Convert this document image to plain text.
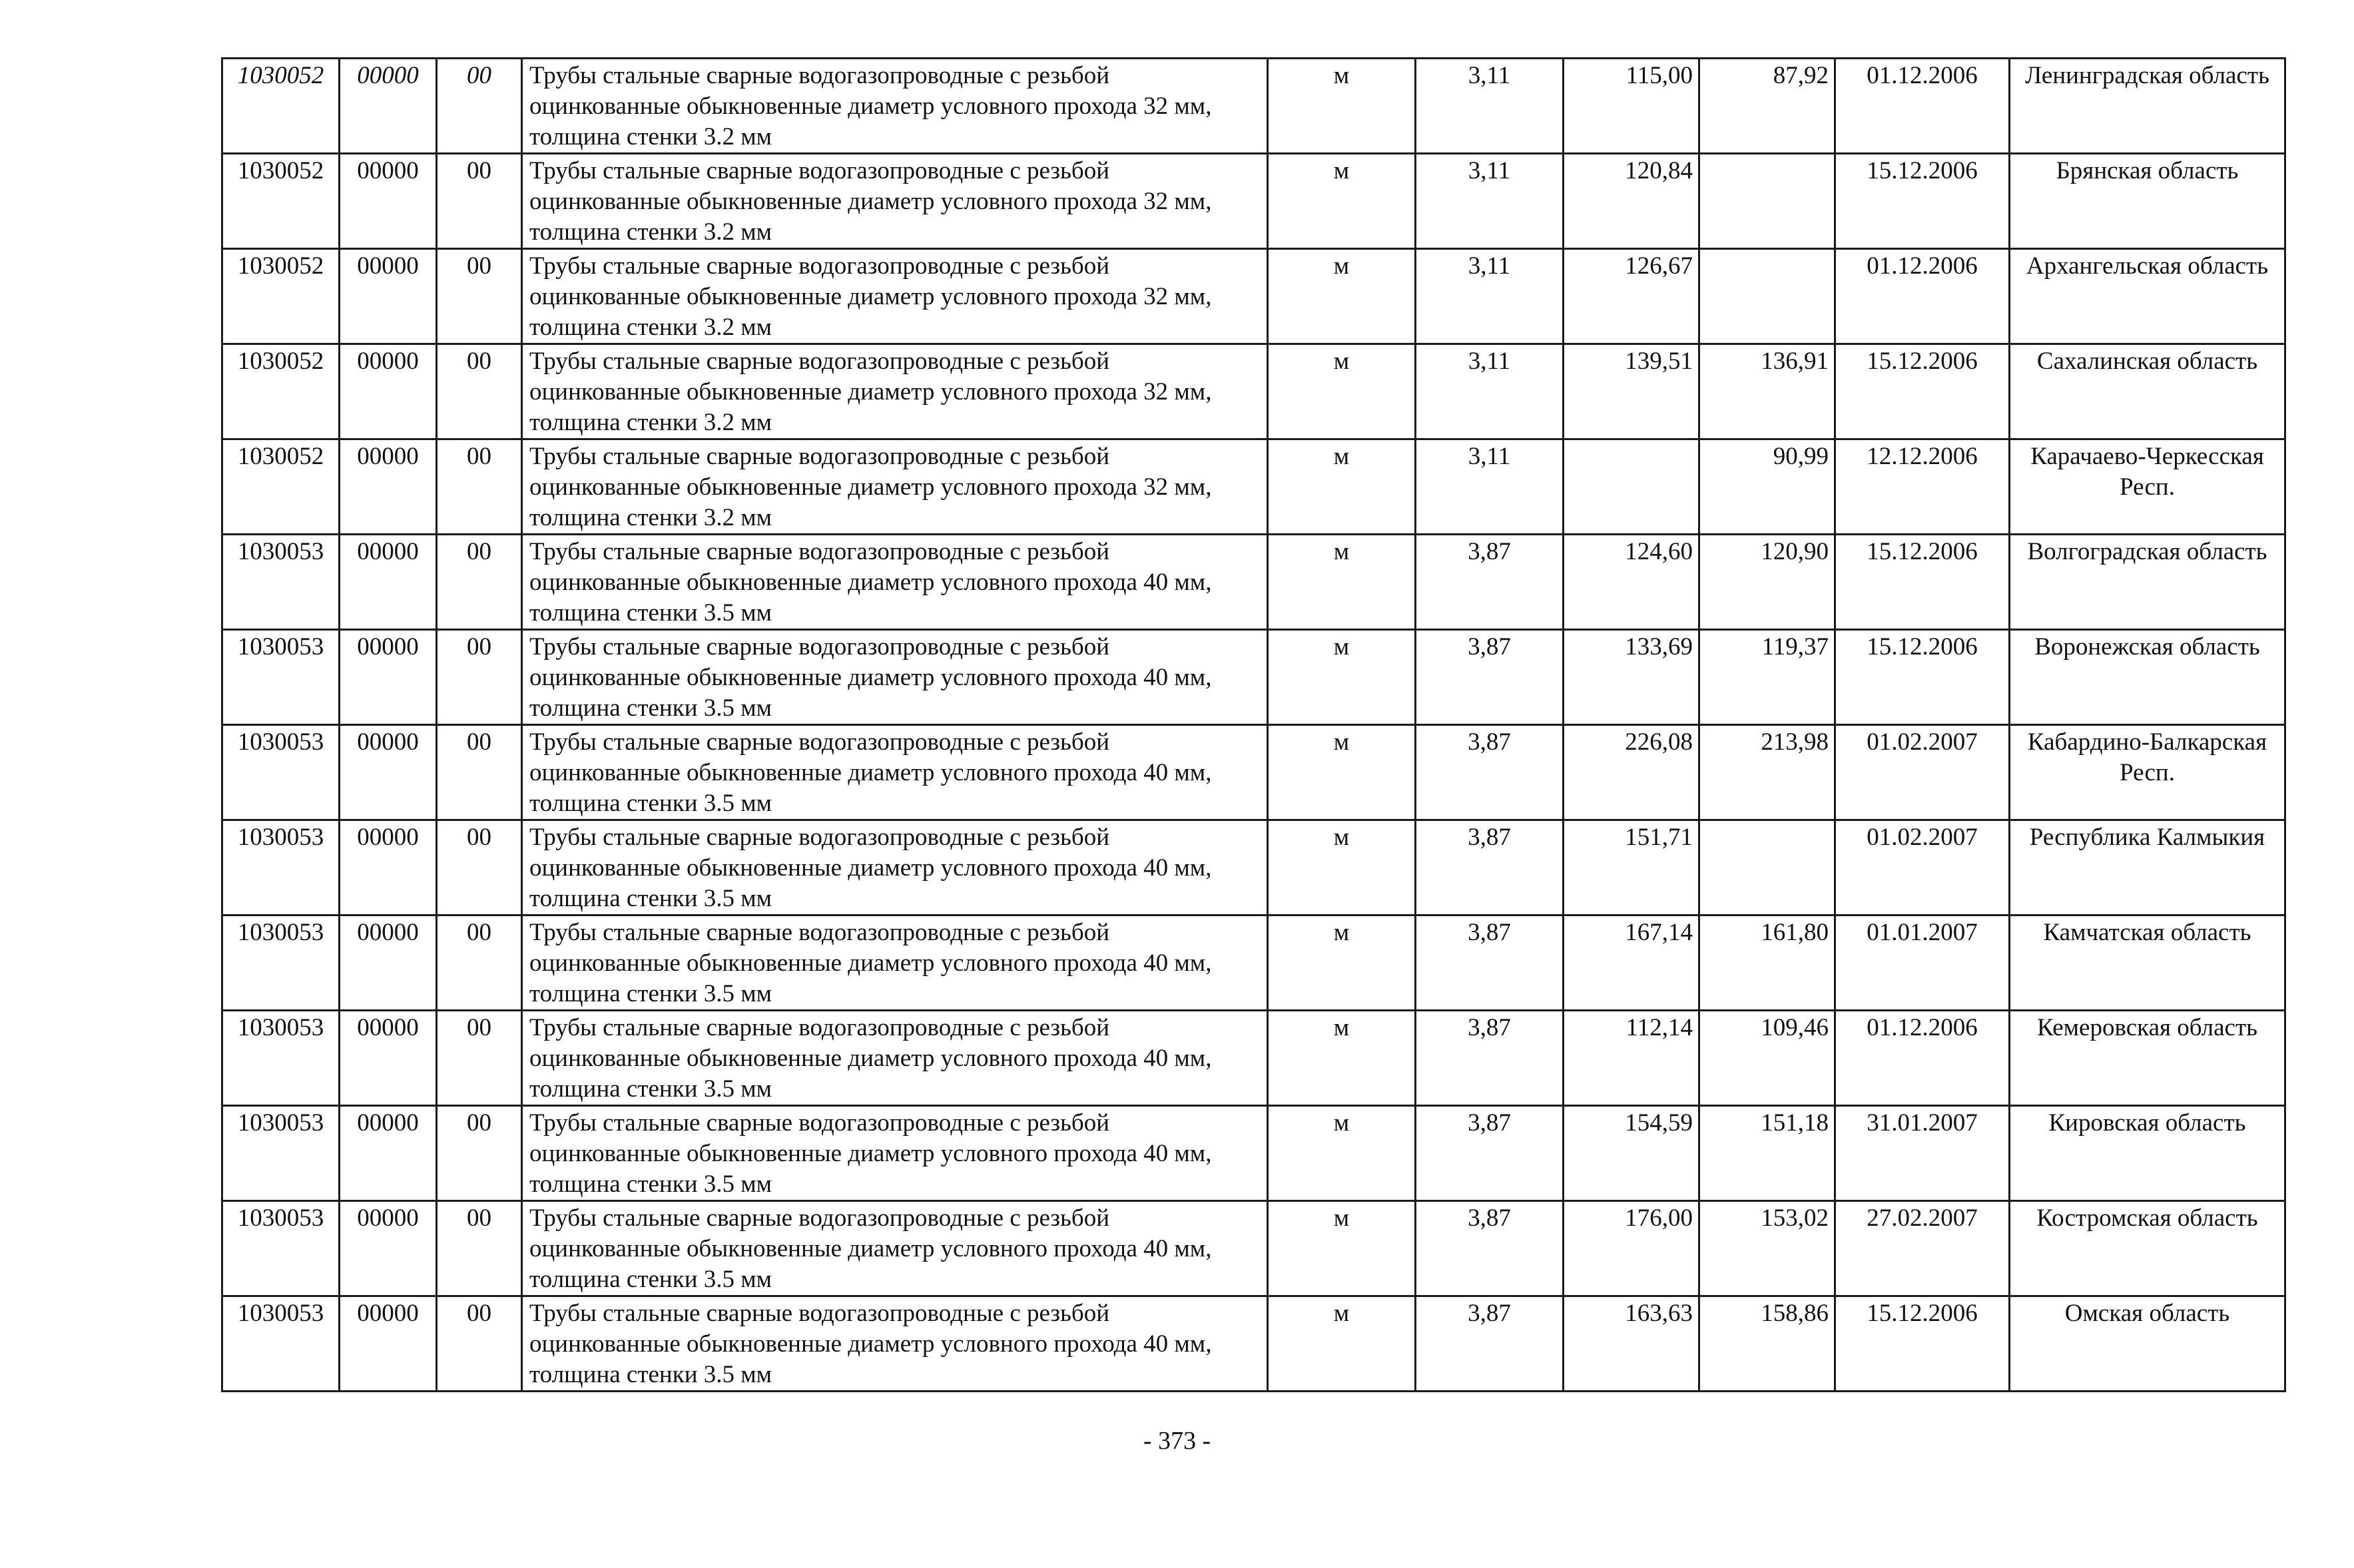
1030052	00000	00	Трубы стальные сварные водогазопроводные с резьбой оцинкованные обыкновенные диаметр условного прохода 32 мм, толщина стенки 3.2 мм	м	3,11	115,00	87,92	01.12.2006	Ленинградская область
1030052	00000	00	Трубы стальные сварные водогазопроводные с резьбой оцинкованные обыкновенные диаметр условного прохода 32 мм, толщина стенки 3.2 мм	м	3,11	120,84		15.12.2006	Брянская область
1030052	00000	00	Трубы стальные сварные водогазопроводные с резьбой оцинкованные обыкновенные диаметр условного прохода 32 мм, толщина стенки 3.2 мм	м	3,11	126,67		01.12.2006	Архангельская область
1030052	00000	00	Трубы стальные сварные водогазопроводные с резьбой оцинкованные обыкновенные диаметр условного прохода 32 мм, толщина стенки 3.2 мм	м	3,11	139,51	136,91	15.12.2006	Сахалинская область
1030052	00000	00	Трубы стальные сварные водогазопроводные с резьбой оцинкованные обыкновенные диаметр условного прохода 32 мм, толщина стенки 3.2 мм	м	3,11		90,99	12.12.2006	Карачаево-Черкесская Респ.
1030053	00000	00	Трубы стальные сварные водогазопроводные с резьбой оцинкованные обыкновенные диаметр условного прохода 40 мм, толщина стенки 3.5 мм	м	3,87	124,60	120,90	15.12.2006	Волгоградская область
1030053	00000	00	Трубы стальные сварные водогазопроводные с резьбой оцинкованные обыкновенные диаметр условного прохода 40 мм, толщина стенки 3.5 мм	м	3,87	133,69	119,37	15.12.2006	Воронежская область
1030053	00000	00	Трубы стальные сварные водогазопроводные с резьбой оцинкованные обыкновенные диаметр условного прохода 40 мм, толщина стенки 3.5 мм	м	3,87	226,08	213,98	01.02.2007	Кабардино-Балкарская Респ.
1030053	00000	00	Трубы стальные сварные водогазопроводные с резьбой оцинкованные обыкновенные диаметр условного прохода 40 мм, толщина стенки 3.5 мм	м	3,87	151,71		01.02.2007	Республика Калмыкия
1030053	00000	00	Трубы стальные сварные водогазопроводные с резьбой оцинкованные обыкновенные диаметр условного прохода 40 мм, толщина стенки 3.5 мм	м	3,87	167,14	161,80	01.01.2007	Камчатская область
1030053	00000	00	Трубы стальные сварные водогазопроводные с резьбой оцинкованные обыкновенные диаметр условного прохода 40 мм, толщина стенки 3.5 мм	м	3,87	112,14	109,46	01.12.2006	Кемеровская область
1030053	00000	00	Трубы стальные сварные водогазопроводные с резьбой оцинкованные обыкновенные диаметр условного прохода 40 мм, толщина стенки 3.5 мм	м	3,87	154,59	151,18	31.01.2007	Кировская область
1030053	00000	00	Трубы стальные сварные водогазопроводные с резьбой оцинкованные обыкновенные диаметр условного прохода 40 мм, толщина стенки 3.5 мм	м	3,87	176,00	153,02	27.02.2007	Костромская область
1030053	00000	00	Трубы стальные сварные водогазопроводные с резьбой оцинкованные обыкновенные диаметр условного прохода 40 мм, толщина стенки 3.5 мм	м	3,87	163,63	158,86	15.12.2006	Омская область
- 373 -
